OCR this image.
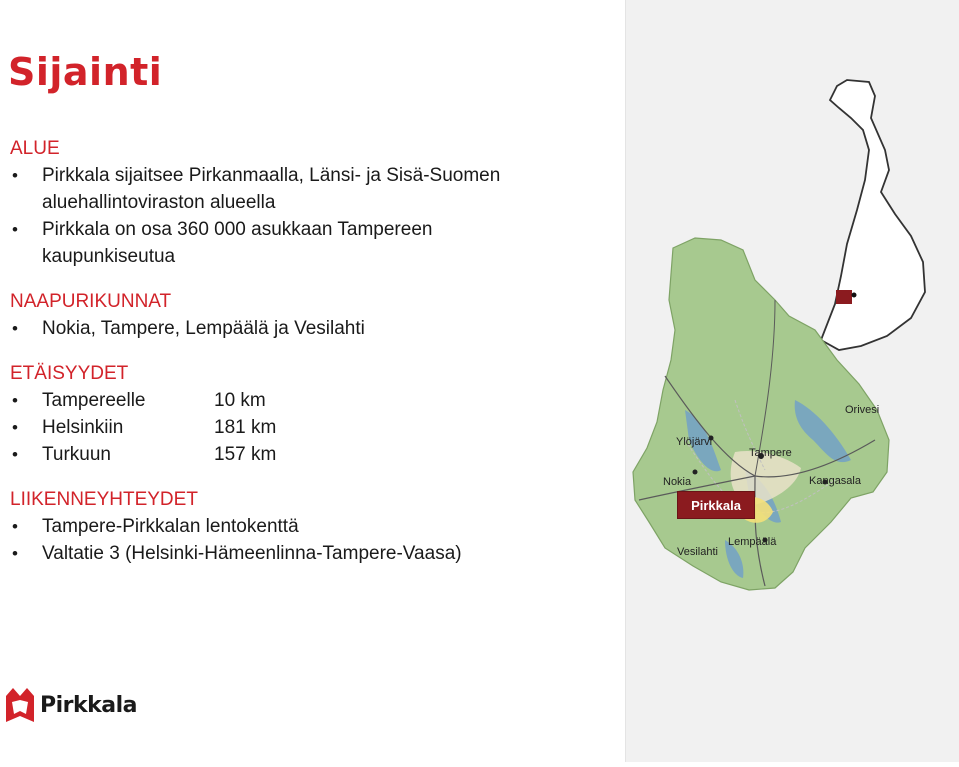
Sijainti
ALUE
• Pirkkala sijaitsee Pirkanmaalla, Länsi- ja Sisä-Suomen
aluehallintoviraston alueella
• Pirkkala on osa 360 000 asukkaan Tampereen
kaupunkiseutua
NAAPURIKUNNAT
• Nokia, Tampere, Lempäälä ja Vesilahti
ETÄISYYDET
• Tampereelle	10 km
• Helsinkiin	181 km
• Turkuun	157 km
LIIKENNEYHTEYDET
• Tampere-Pirkkalan lentokenttä
• Valtatie 3 (Helsinki-Hämeenlinna-Tampere-Vaasa)
Ylöjärvi
Orivesi
Tampere
Nokia	Kangasala
Vesilahti
Lempäälä
Pirkkala
Pirkkala
